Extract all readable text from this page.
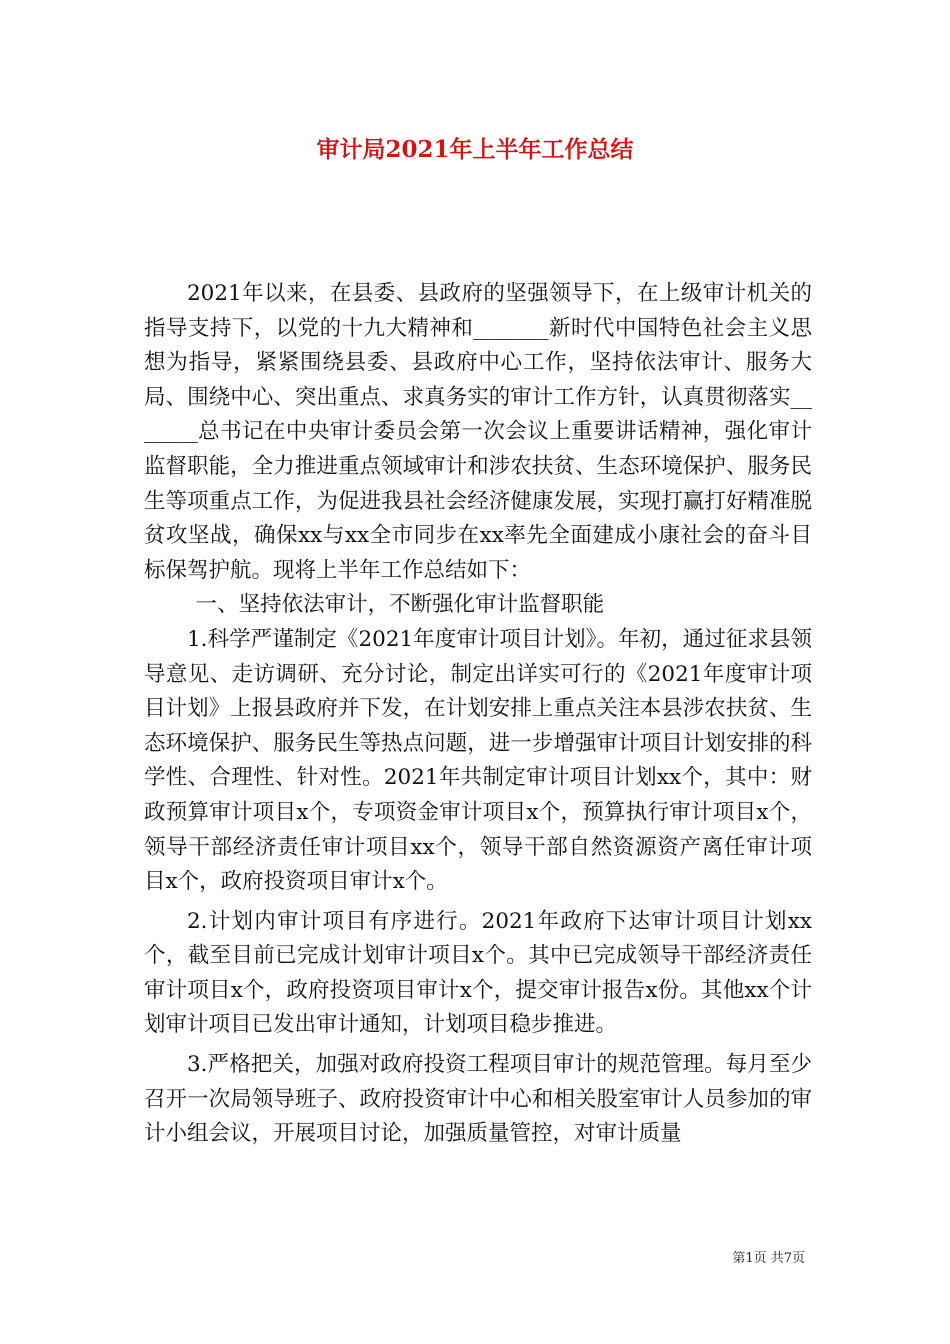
审计局2021年上半年工作总结

2021年以来，在县委、县政府的坚强领导下，在上级审计机关的指导支持下，以党的十九大精神和_______新时代中国特色社会主义思想为指导，紧紧围绕县委、县政府中心工作，坚持依法审计、服务大局、围绕中心、突出重点、求真务实的审计工作方针，认真贯彻落实_______总书记在中央审计委员会第一次会议上重要讲话精神，强化审计监督职能，全力推进重点领域审计和涉农扶贫、生态环境保护、服务民生等项重点工作，为促进我县社会经济健康发展，实现打赢打好精准脱贫攻坚战，确保xx与xx全市同步在xx率先全面建成小康社会的奋斗目标保驾护航。现将上半年工作总结如下：

一、坚持依法审计，不断强化审计监督职能

1.科学严谨制定《2021年度审计项目计划》。年初，通过征求县领导意见、走访调研、充分讨论，制定出详实可行的《2021年度审计项目计划》上报县政府并下发，在计划安排上重点关注本县涉农扶贫、生态环境保护、服务民生等热点问题，进一步增强审计项目计划安排的科学性、合理性、针对性。2021年共制定审计项目计划xx个，其中：财政预算审计项目x个，专项资金审计项目x个，预算执行审计项目x个，领导干部经济责任审计项目xx个，领导干部自然资源资产离任审计项目x个，政府投资项目审计x个。

2.计划内审计项目有序进行。2021年政府下达审计项目计划xx个，截至目前已完成计划审计项目x个。其中已完成领导干部经济责任审计项目x个，政府投资项目审计x个，提交审计报告x份。其他xx个计划审计项目已发出审计通知，计划项目稳步推进。

3.严格把关，加强对政府投资工程项目审计的规范管理。每月至少召开一次局领导班子、政府投资审计中心和相关股室审计人员参加的审计小组会议，开展项目讨论，加强质量管控，对审计质量

第1页 共7页
